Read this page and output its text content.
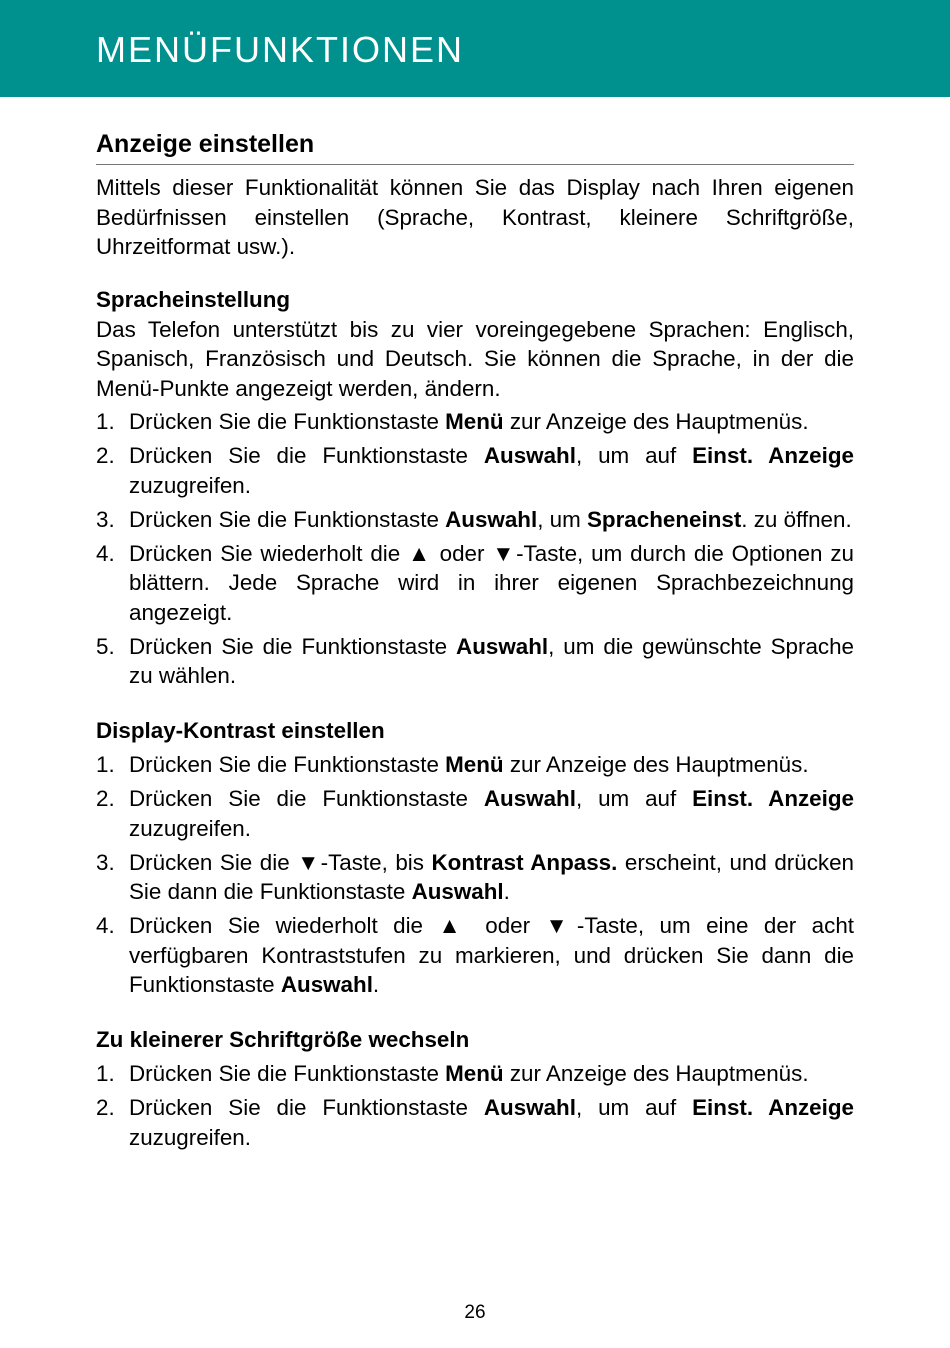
MENÜFUNKTIONEN
Anzeige einstellen

Mittels dieser Funktionalität können Sie das Display nach Ihren eigenen Bedürfnissen einstellen (Sprache, Kontrast, kleinere Schriftgröße, Uhrzeitformat usw.).

Spracheinstellung

Das Telefon unterstützt bis zu vier voreingegebene Sprachen: Englisch, Spanisch, Französisch und Deutsch. Sie können die Sprache, in der die Menü-Punkte angezeigt werden, ändern.

1. Drücken Sie die Funktionstaste Menü zur Anzeige des Hauptmenüs.
2. Drücken Sie die Funktionstaste Auswahl, um auf Einst. Anzeige zuzugreifen.
3. Drücken Sie die Funktionstaste Auswahl, um Spracheneinst. zu öffnen.
4. Drücken Sie wiederholt die ▲ oder ▼-Taste, um durch die Optionen zu blättern. Jede Sprache wird in ihrer eigenen Sprachbezeichnung angezeigt.
5. Drücken Sie die Funktionstaste Auswahl, um die gewünschte Sprache zu wählen.
Display-Kontrast einstellen
1. Drücken Sie die Funktionstaste Menü zur Anzeige des Hauptmenüs.
2. Drücken Sie die Funktionstaste Auswahl, um auf Einst. Anzeige zuzugreifen.
3. Drücken Sie die ▼-Taste, bis Kontrast Anpass. erscheint, und drücken Sie dann die Funktionstaste Auswahl.
4. Drücken Sie wiederholt die ▲ oder ▼-Taste, um eine der acht verfügbaren Kontraststufen zu markieren, und drücken Sie dann die Funktionstaste Auswahl.
Zu kleinerer Schriftgröße wechseln
1. Drücken Sie die Funktionstaste Menü zur Anzeige des Hauptmenüs.
2. Drücken Sie die Funktionstaste Auswahl, um auf Einst. Anzeige zuzugreifen.
26
